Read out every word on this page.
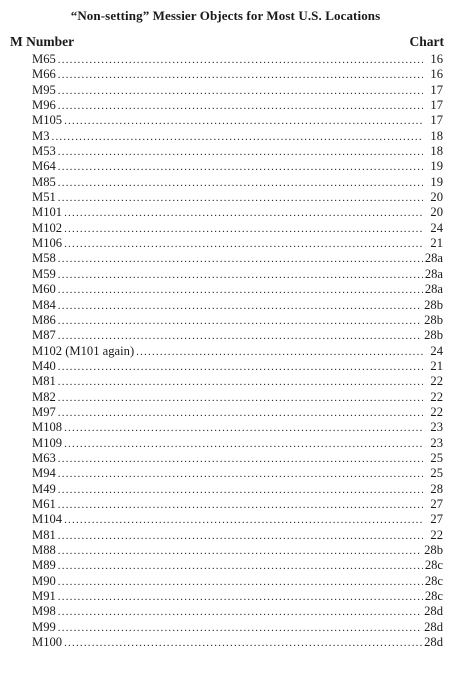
“Non-setting” Messier Objects for Most U.S. Locations
M Number	Chart
M65 .....	16
M66 .....	16
M95 .....	17
M96 .....	17
M105 .....	17
M3 .....	18
M53 .....	18
M64 .....	19
M85 .....	19
M51 .....	20
M101 .....	20
M102 .....	24
M106 .....	21
M58 .....	28a
M59 .....	28a
M60 .....	28a
M84 .....	28b
M86 .....	28b
M87 .....	28b
M102 (M101 again) .....	24
M40 .....	21
M81 .....	22
M82 .....	22
M97 .....	22
M108 .....	23
M109 .....	23
M63 .....	25
M94 .....	25
M49 .....	28
M61 .....	27
M104 .....	27
M81 .....	22
M88 .....	28b
M89 .....	28c
M90 .....	28c
M91 .....	28c
M98 .....	28d
M99 .....	28d
M100 .....	28d
